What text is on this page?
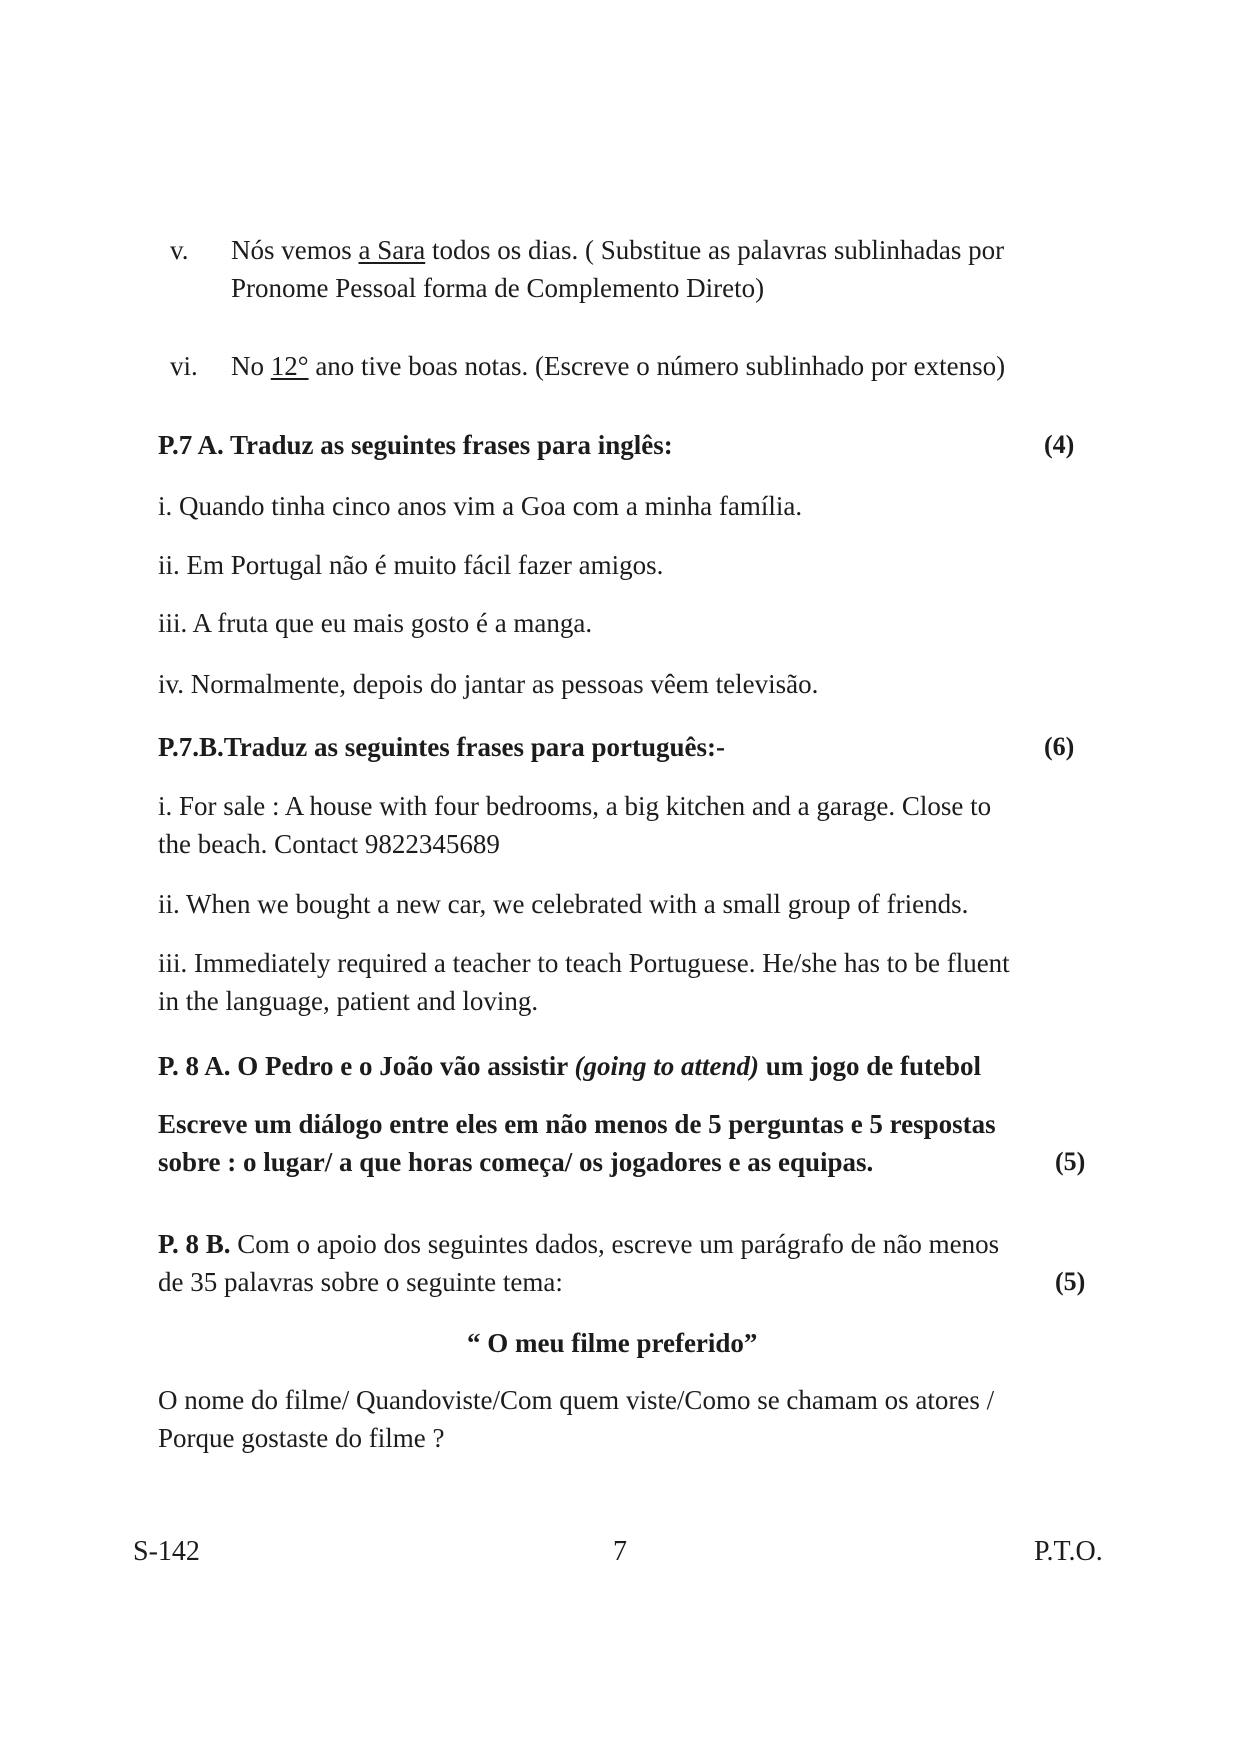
v. Nós vemos a Sara todos os dias. ( Substitue as palavras sublinhadas por
Pronome Pessoal forma de Complemento Direto)
vi. No 12° ano tive boas notas. (Escreve o número sublinhado por extenso)
P.7 A. Traduz as seguintes frases para inglês:	(4)
i. Quando tinha cinco anos vim a Goa com a minha família.
ii. Em Portugal não é muito fácil fazer amigos.
iii. A fruta que eu mais gosto é a manga.
iv. Normalmente, depois do jantar as pessoas vêem televisão.
P.7.B.Traduz as seguintes frases para português:-	(6)
i. For sale : A house with four bedrooms, a big kitchen and a garage. Close to
the beach. Contact 9822345689
ii. When we bought a new car, we celebrated with a small group of friends.
iii. Immediately required a teacher to teach Portuguese. He/she has to be fluent
in the language, patient and loving.
P. 8 A. O Pedro e o João vão assistir (going to attend) um jogo de futebol
Escreve um diálogo entre eles em não menos de 5 perguntas e 5 respostas
sobre : o lugar/ a que horas começa/ os jogadores e as equipas.	(5)
P. 8 B. Com o apoio dos seguintes dados, escreve um parágrafo de não menos
de 35 palavras sobre o seguinte tema:	(5)
“ O meu filme preferido”
O nome do filme/ Quandoviste/Com quem viste/Como se chamam os atores /
Porque gostaste do filme ?
S-142	7	P.T.O.
